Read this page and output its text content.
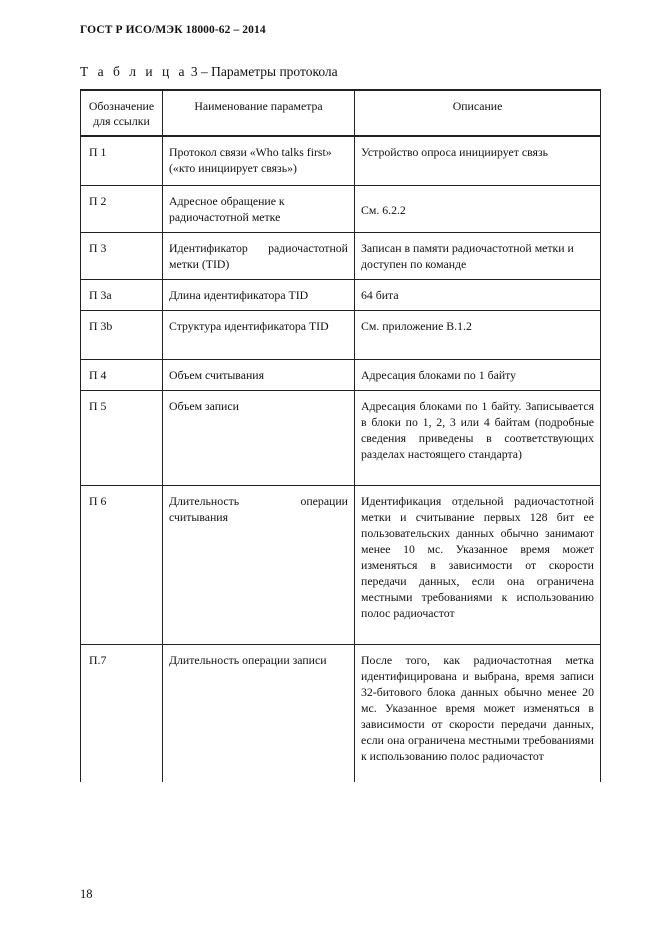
ГОСТ Р ИСО/МЭК 18000-62 – 2014
Т а б л и ц а 3 – Параметры протокола
Обозначение для ссылки	Наименование параметра	Описание
П 1	Протокол связи «Who talks first» («кто инициирует связь»)	Устройство опроса инициирует связь
П 2	Адресное обращение к радиочастотной метке	См. 6.2.2

П 3	Идентификатор радиочастотной метки (TID)	Записан в памяти радиочастотной метки и доступен по команде
П 3а	Длина идентификатора TID	64 бита
П 3b	Структура идентификатора TID	См. приложение В.1.2
П 4	Объем считывания	Адресация блоками по 1 байту
П 5	Объем записи	Адресация блоками по 1 байту. Записывается в блоки по 1, 2, 3 или 4 байтам (подробные сведения приведены в соответствующих разделах настоящего стандарта)
П 6	Длительность операции считывания	Идентификация отдельной радиочастотной метки и считывание первых 128 бит ее пользовательских данных обычно занимают менее 10 мс. Указанное время может изменяться в зависимости от скорости передачи данных, если она ограничена местными требованиями к использованию полос радиочастот
П.7	Длительность операции записи	После того, как радиочастотная метка идентифицирована и выбрана, время записи 32-битового блока данных обычно менее 20 мс. Указанное время может изменяться в зависимости от скорости передачи данных, если она ограничена местными требованиями к использованию полос радиочастот
18
